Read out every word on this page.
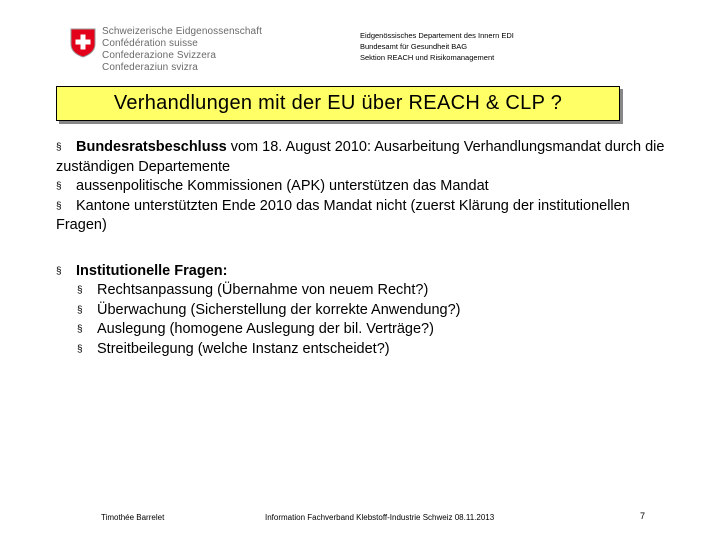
Schweizerische Eidgenossenschaft
Confédération suisse
Confederazione Svizzera
Confederaziun svizra
Eidgenössisches Departement des Innern EDI
Bundesamt für Gesundheit BAG
Sektion REACH und Risikomanagement
Verhandlungen mit der EU über REACH & CLP ?
§ Bundesratsbeschluss vom 18. August 2010: Ausarbeitung Verhandlungsmandat durch die zuständigen Departemente
§ aussenpolitische Kommissionen (APK) unterstützen das Mandat
§ Kantone unterstützten Ende 2010 das Mandat nicht (zuerst Klärung der institutionellen Fragen)
§ Institutionelle Fragen:
§ Rechtsanpassung (Übernahme von neuem Recht?)
§ Überwachung (Sicherstellung der korrekte Anwendung?)
§ Auslegung (homogene Auslegung der bil. Verträge?)
§ Streitbeilegung (welche Instanz entscheidet?)
Timothée Barrelet	Information Fachverband Klebstoff-Industrie Schweiz 08.11.2013	7
